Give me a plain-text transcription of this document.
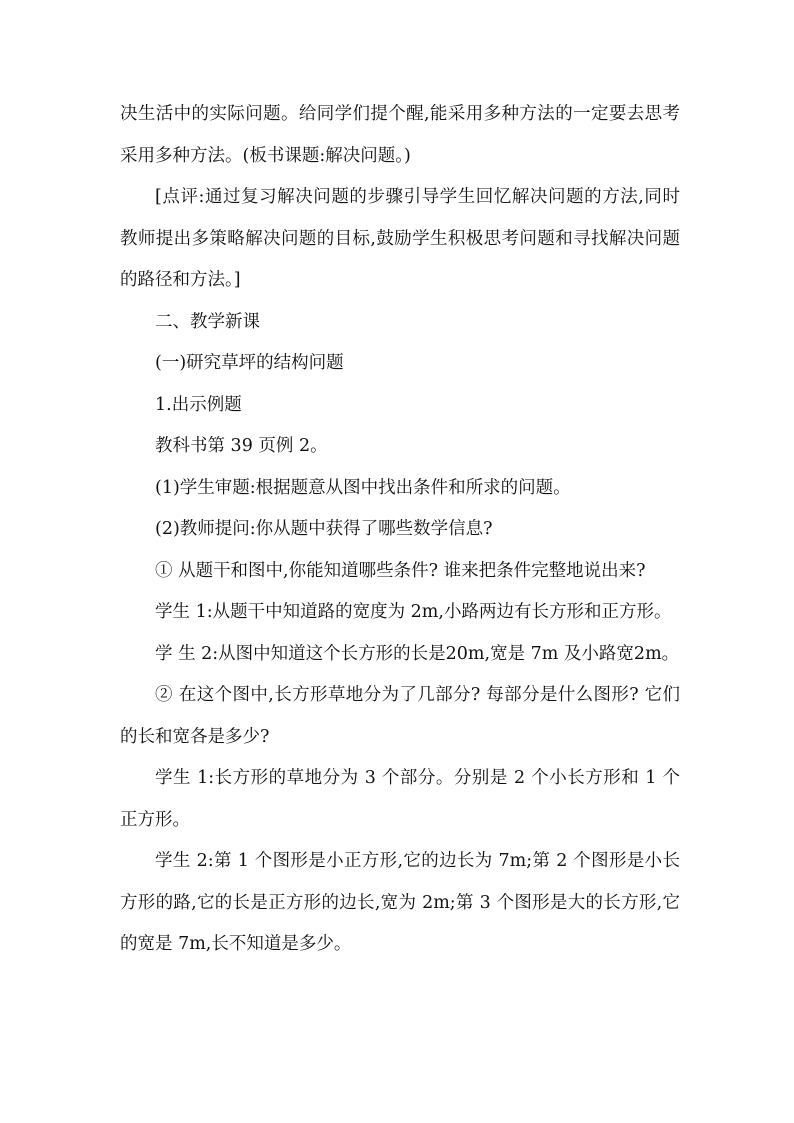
决生活中的实际问题。给同学们提个醒,能采用多种方法的一定要去思考采用多种方法。(板书课题:解决问题。)

[点评:通过复习解决问题的步骤引导学生回忆解决问题的方法,同时教师提出多策略解决问题的目标,鼓励学生积极思考问题和寻找解决问题的路径和方法。]

二、教学新课

(一)研究草坪的结构问题

1.出示例题

教科书第 39 页例 2。

(1)学生审题:根据题意从图中找出条件和所求的问题。

(2)教师提问:你从题中获得了哪些数学信息?

① 从题干和图中,你能知道哪些条件? 谁来把条件完整地说出来?

学生 1:从题干中知道路的宽度为 2m,小路两边有长方形和正方形。

学 生 2:从图中知道这个长方形的长是20m,宽是 7m 及小路宽2m。

② 在这个图中,长方形草地分为了几部分? 每部分是什么图形? 它们的长和宽各是多少?

学生 1:长方形的草地分为 3 个部分。分别是 2 个小长方形和 1 个正方形。

学生 2:第 1 个图形是小正方形,它的边长为 7m;第 2 个图形是小长方形的路,它的长是正方形的边长,宽为 2m;第 3 个图形是大的长方形,它的宽是 7m,长不知道是多少。
